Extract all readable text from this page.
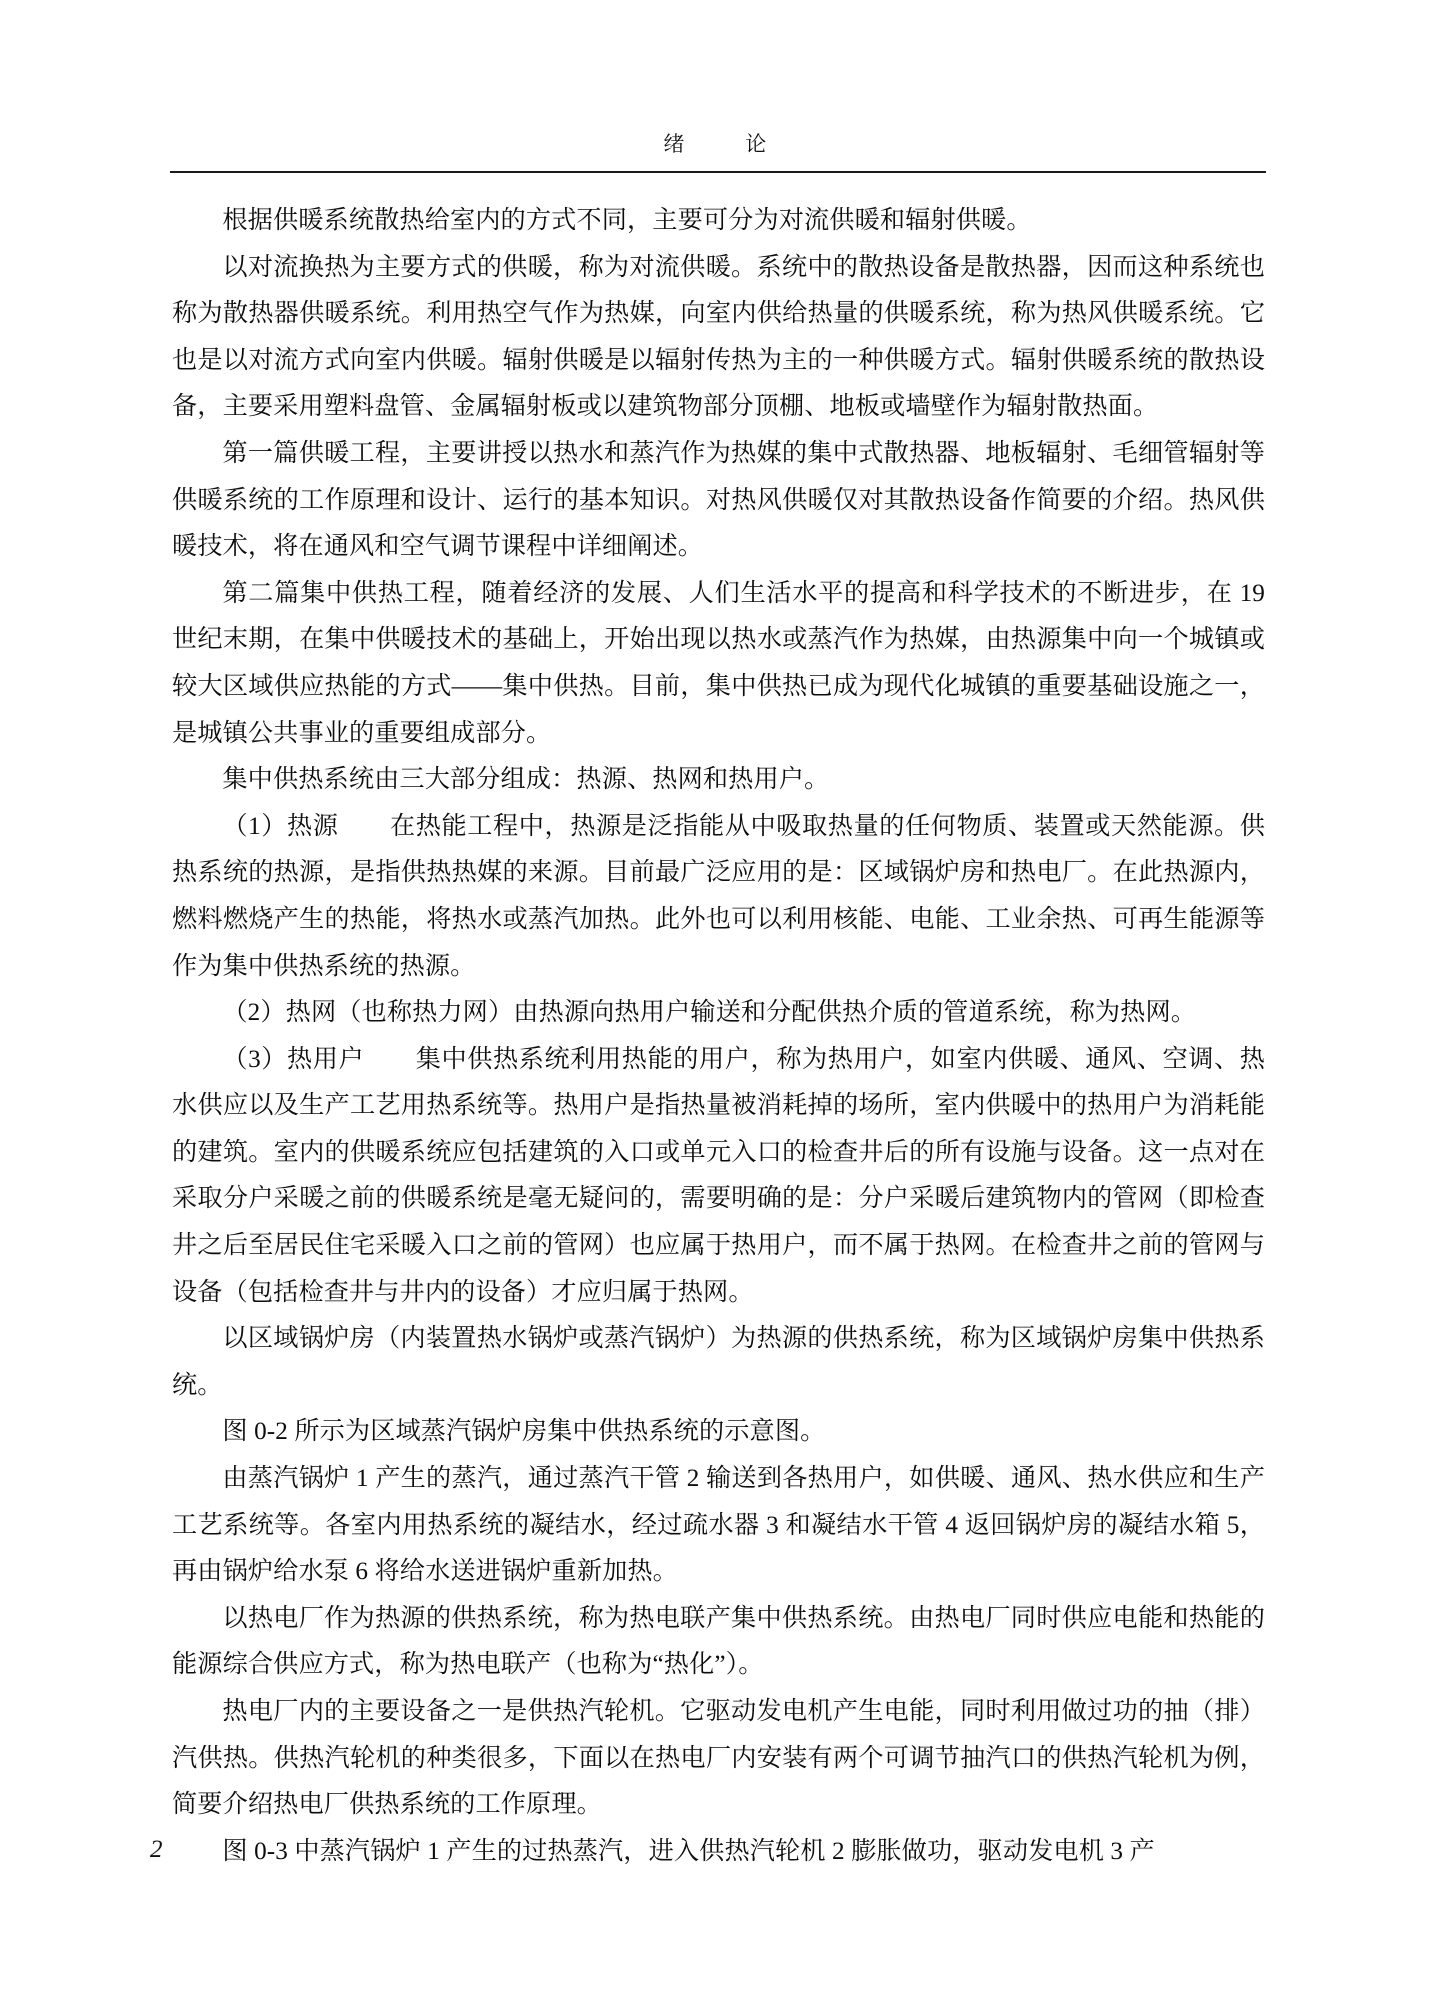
绪　　论

根据供暖系统散热给室内的方式不同，主要可分为对流供暖和辐射供暖。

以对流换热为主要方式的供暖，称为对流供暖。系统中的散热设备是散热器，因而这种系统也称为散热器供暖系统。利用热空气作为热媒，向室内供给热量的供暖系统，称为热风供暖系统。它也是以对流方式向室内供暖。辐射供暖是以辐射传热为主的一种供暖方式。辐射供暖系统的散热设备，主要采用塑料盘管、金属辐射板或以建筑物部分顶棚、地板或墙壁作为辐射散热面。

第一篇供暖工程，主要讲授以热水和蒸汽作为热媒的集中式散热器、地板辐射、毛细管辐射等供暖系统的工作原理和设计、运行的基本知识。对热风供暖仅对其散热设备作简要的介绍。热风供暖技术，将在通风和空气调节课程中详细阐述。

第二篇集中供热工程，随着经济的发展、人们生活水平的提高和科学技术的不断进步，在 19 世纪末期，在集中供暖技术的基础上，开始出现以热水或蒸汽作为热媒，由热源集中向一个城镇或较大区域供应热能的方式——集中供热。目前，集中供热已成为现代化城镇的重要基础设施之一，是城镇公共事业的重要组成部分。

集中供热系统由三大部分组成：热源、热网和热用户。

（1）热源　　在热能工程中，热源是泛指能从中吸取热量的任何物质、装置或天然能源。供热系统的热源，是指供热热媒的来源。目前最广泛应用的是：区域锅炉房和热电厂。在此热源内，燃料燃烧产生的热能，将热水或蒸汽加热。此外也可以利用核能、电能、工业余热、可再生能源等作为集中供热系统的热源。

（2）热网（也称热力网）由热源向热用户输送和分配供热介质的管道系统，称为热网。

（3）热用户　　集中供热系统利用热能的用户，称为热用户，如室内供暖、通风、空调、热水供应以及生产工艺用热系统等。热用户是指热量被消耗掉的场所，室内供暖中的热用户为消耗能的建筑。室内的供暖系统应包括建筑的入口或单元入口的检查井后的所有设施与设备。这一点对在采取分户采暖之前的供暖系统是毫无疑问的，需要明确的是：分户采暖后建筑物内的管网（即检查井之后至居民住宅采暖入口之前的管网）也应属于热用户，而不属于热网。在检查井之前的管网与设备（包括检查井与井内的设备）才应归属于热网。

以区域锅炉房（内装置热水锅炉或蒸汽锅炉）为热源的供热系统，称为区域锅炉房集中供热系统。

图 0-2 所示为区域蒸汽锅炉房集中供热系统的示意图。

由蒸汽锅炉 1 产生的蒸汽，通过蒸汽干管 2 输送到各热用户，如供暖、通风、热水供应和生产工艺系统等。各室内用热系统的凝结水，经过疏水器 3 和凝结水干管 4 返回锅炉房的凝结水箱 5，再由锅炉给水泵 6 将给水送进锅炉重新加热。

以热电厂作为热源的供热系统，称为热电联产集中供热系统。由热电厂同时供应电能和热能的能源综合供应方式，称为热电联产（也称为“热化”）。

热电厂内的主要设备之一是供热汽轮机。它驱动发电机产生电能，同时利用做过功的抽（排）汽供热。供热汽轮机的种类很多，下面以在热电厂内安装有两个可调节抽汽口的供热汽轮机为例，简要介绍热电厂供热系统的工作原理。

图 0-3 中蒸汽锅炉 1 产生的过热蒸汽，进入供热汽轮机 2 膨胀做功，驱动发电机 3 产

2
